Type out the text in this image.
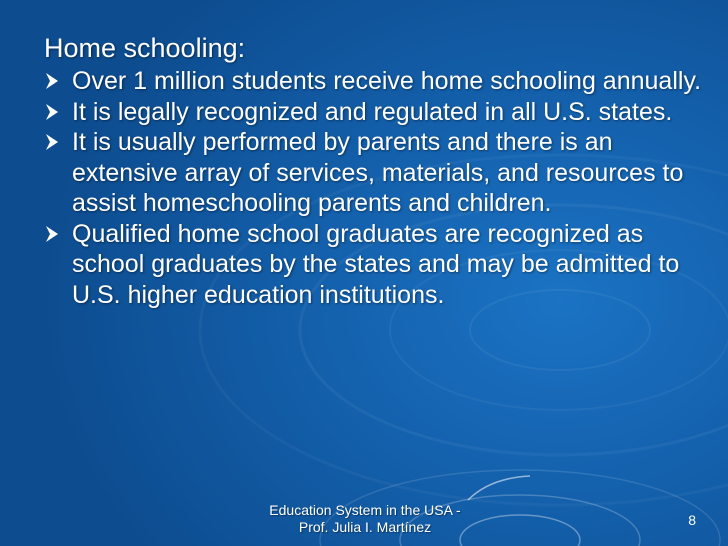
Home schooling:
Over 1 million students receive home schooling annually.
It is legally recognized and regulated in all U.S. states.
It is usually performed by parents and there is an extensive array of services, materials, and resources to assist homeschooling parents and children.
Qualified home school graduates are recognized as school graduates by the states and may be admitted to U.S. higher education institutions.
Education System in the USA -
Prof. Julia I. Martínez	8
